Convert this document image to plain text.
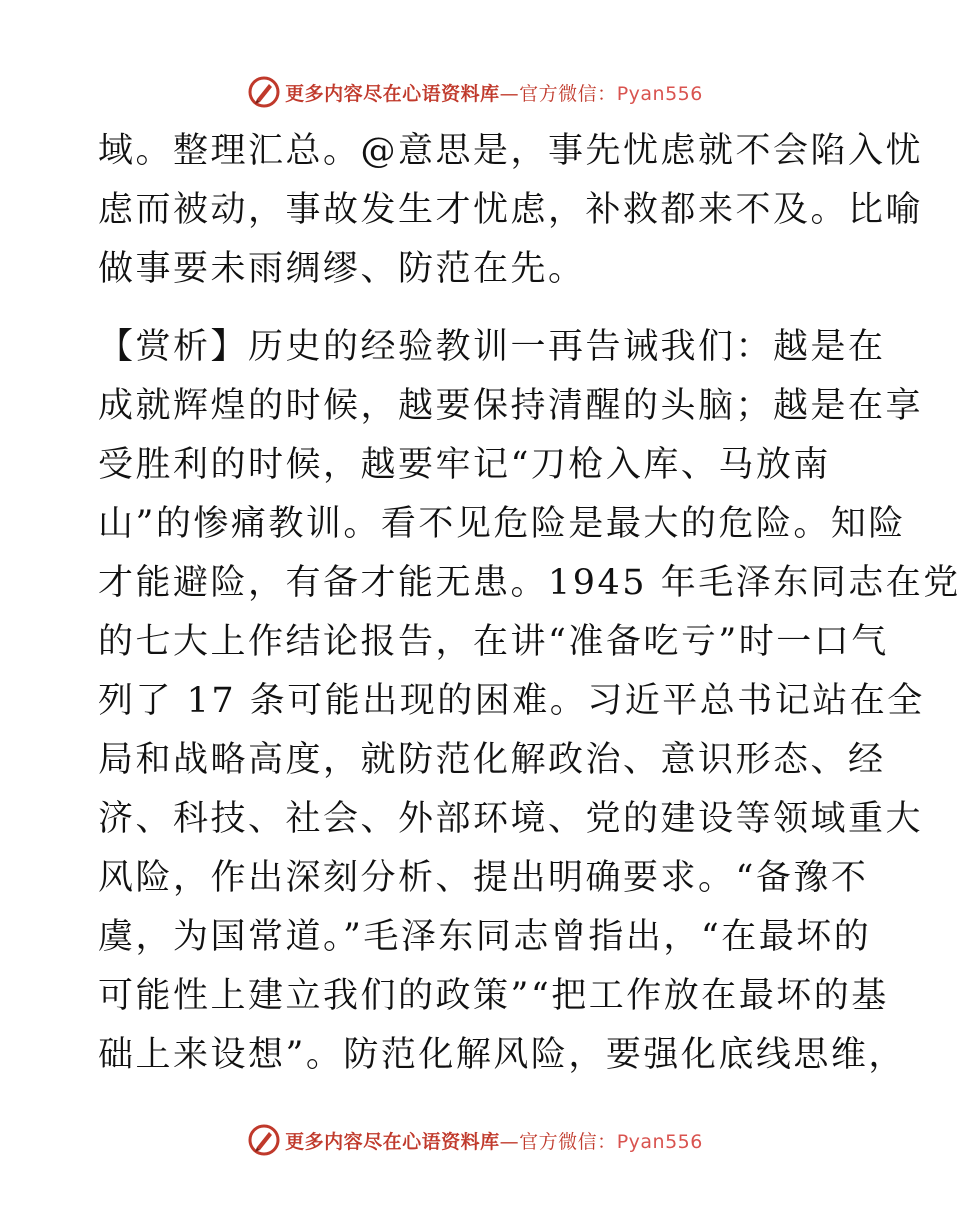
更多内容尽在心语资料库—官方微信：Pyan556
域。整理汇总。@意思是，事先忧虑就不会陷入忧
虑而被动，事故发生才忧虑，补救都来不及。比喻
做事要未雨绸缪、防范在先。
【赏析】历史的经验教训一再告诫我们：越是在
成就辉煌的时候，越要保持清醒的头脑；越是在享
受胜利的时候，越要牢记“刀枪入库、马放南
山”的惨痛教训。看不见危险是最大的危险。知险
才能避险，有备才能无患。1945 年毛泽东同志在党
的七大上作结论报告，在讲“准备吃亏”时一口气
列了 17 条可能出现的困难。习近平总书记站在全
局和战略高度，就防范化解政治、意识形态、经
济、科技、社会、外部环境、党的建设等领域重大
风险，作出深刻分析、提出明确要求。“备豫不
虞，为国常道。”毛泽东同志曾指出，“在最坏的
可能性上建立我们的政策”“把工作放在最坏的基
础上来设想”。防范化解风险，要强化底线思维，
更多内容尽在心语资料库—官方微信：Pyan556
